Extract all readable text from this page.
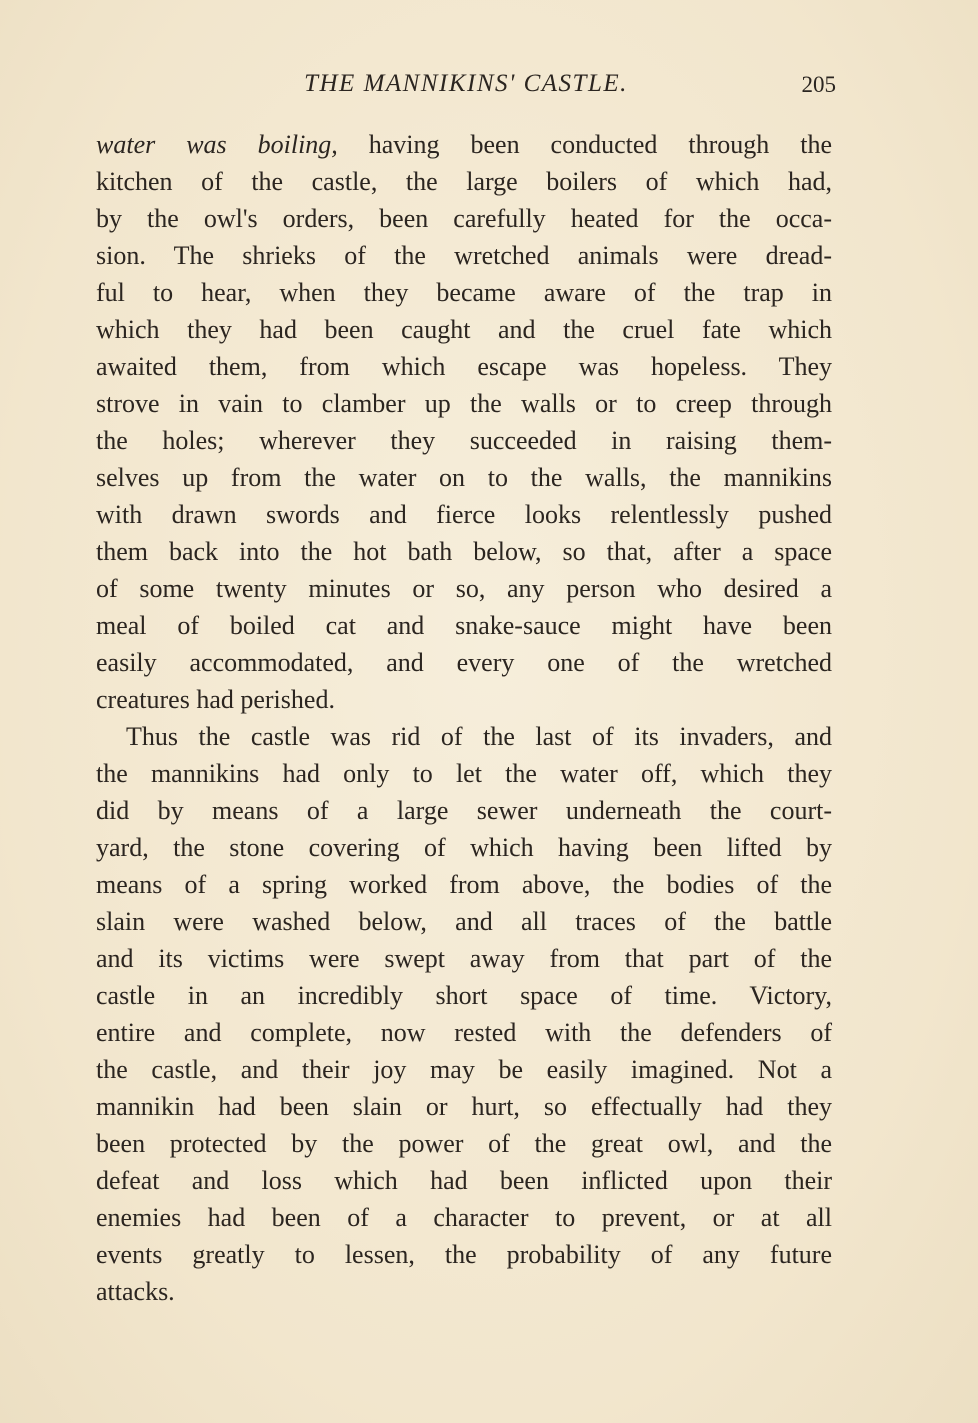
THE MANNIKINS' CASTLE.	205
water was boiling, having been conducted through the
kitchen of the castle, the large boilers of which had,
by the owl's orders, been carefully heated for the occa-
sion. The shrieks of the wretched animals were dread-
ful to hear, when they became aware of the trap in
which they had been caught and the cruel fate which
awaited them, from which escape was hopeless. They
strove in vain to clamber up the walls or to creep through
the holes; wherever they succeeded in raising them-
selves up from the water on to the walls, the mannikins
with drawn swords and fierce looks relentlessly pushed
them back into the hot bath below, so that, after a space
of some twenty minutes or so, any person who desired a
meal of boiled cat and snake-sauce might have been
easily accommodated, and every one of the wretched
creatures had perished.
Thus the castle was rid of the last of its invaders, and
the mannikins had only to let the water off, which they
did by means of a large sewer underneath the court-
yard, the stone covering of which having been lifted by
means of a spring worked from above, the bodies of the
slain were washed below, and all traces of the battle
and its victims were swept away from that part of the
castle in an incredibly short space of time. Victory,
entire and complete, now rested with the defenders of
the castle, and their joy may be easily imagined. Not a
mannikin had been slain or hurt, so effectually had they
been protected by the power of the great owl, and the
defeat and loss which had been inflicted upon their
enemies had been of a character to prevent, or at all
events greatly to lessen, the probability of any future
attacks.
